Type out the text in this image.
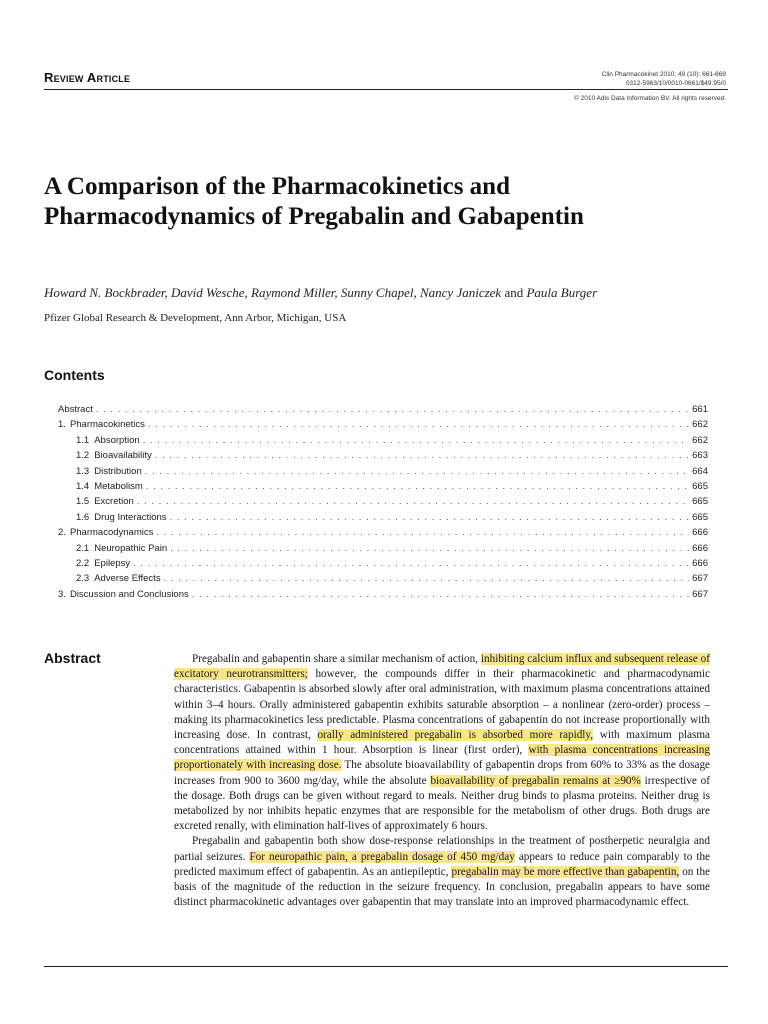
Review Article	Clin Pharmacokinet 2010; 49 (10): 661-669
0312-5963/10/0010-0661/$49.95/0
© 2010 Adis Data Information BV. All rights reserved.
A Comparison of the Pharmacokinetics and Pharmacodynamics of Pregabalin and Gabapentin
Howard N. Bockbrader, David Wesche, Raymond Miller, Sunny Chapel, Nancy Janiczek and Paula Burger
Pfizer Global Research & Development, Ann Arbor, Michigan, USA
Contents
Abstract . . .	661
1. Pharmacokinetics . . .	662
1.1 Absorption . . .	662
1.2 Bioavailability . . .	663
1.3 Distribution . . .	664
1.4 Metabolism . . .	665
1.5 Excretion . . .	665
1.6 Drug Interactions . . .	665
2. Pharmacodynamics . . .	666
2.1 Neuropathic Pain . . .	666
2.2 Epilepsy . . .	666
2.3 Adverse Effects . . .	667
3. Discussion and Conclusions . . .	667
Abstract	Pregabalin and gabapentin share a similar mechanism of action, inhibiting calcium influx and subsequent release of excitatory neurotransmitters; however, the compounds differ in their pharmacokinetic and pharmacodynamic characteristics. Gabapentin is absorbed slowly after oral administration, with maximum plasma concentrations attained within 3–4 hours. Orally administered gabapentin exhibits saturable absorption – a nonlinear (zero-order) process – making its pharmacokinetics less predictable. Plasma concentrations of gabapentin do not increase proportionally with increasing dose. In contrast, orally administered pregabalin is absorbed more rapidly, with maximum plasma concentrations attained within 1 hour. Absorption is linear (first order), with plasma concentrations increasing proportionately with increasing dose. The absolute bioavailability of gabapentin drops from 60% to 33% as the dosage increases from 900 to 3600 mg/day, while the absolute bioavailability of pregabalin remains at ≥90% irrespective of the dosage. Both drugs can be given without regard to meals. Neither drug binds to plasma proteins. Neither drug is metabolized by nor inhibits hepatic enzymes that are responsible for the metabolism of other drugs. Both drugs are excreted renally, with elimination half-lives of approximately 6 hours.

Pregabalin and gabapentin both show dose-response relationships in the treatment of postherpetic neuralgia and partial seizures. For neuropathic pain, a pregabalin dosage of 450 mg/day appears to reduce pain comparably to the predicted maximum effect of gabapentin. As an antiepileptic, pregabalin may be more effective than gabapentin, on the basis of the magnitude of the reduction in the seizure frequency. In conclusion, pregabalin appears to have some distinct pharmacokinetic advantages over gabapentin that may translate into an improved pharmacodynamic effect.
